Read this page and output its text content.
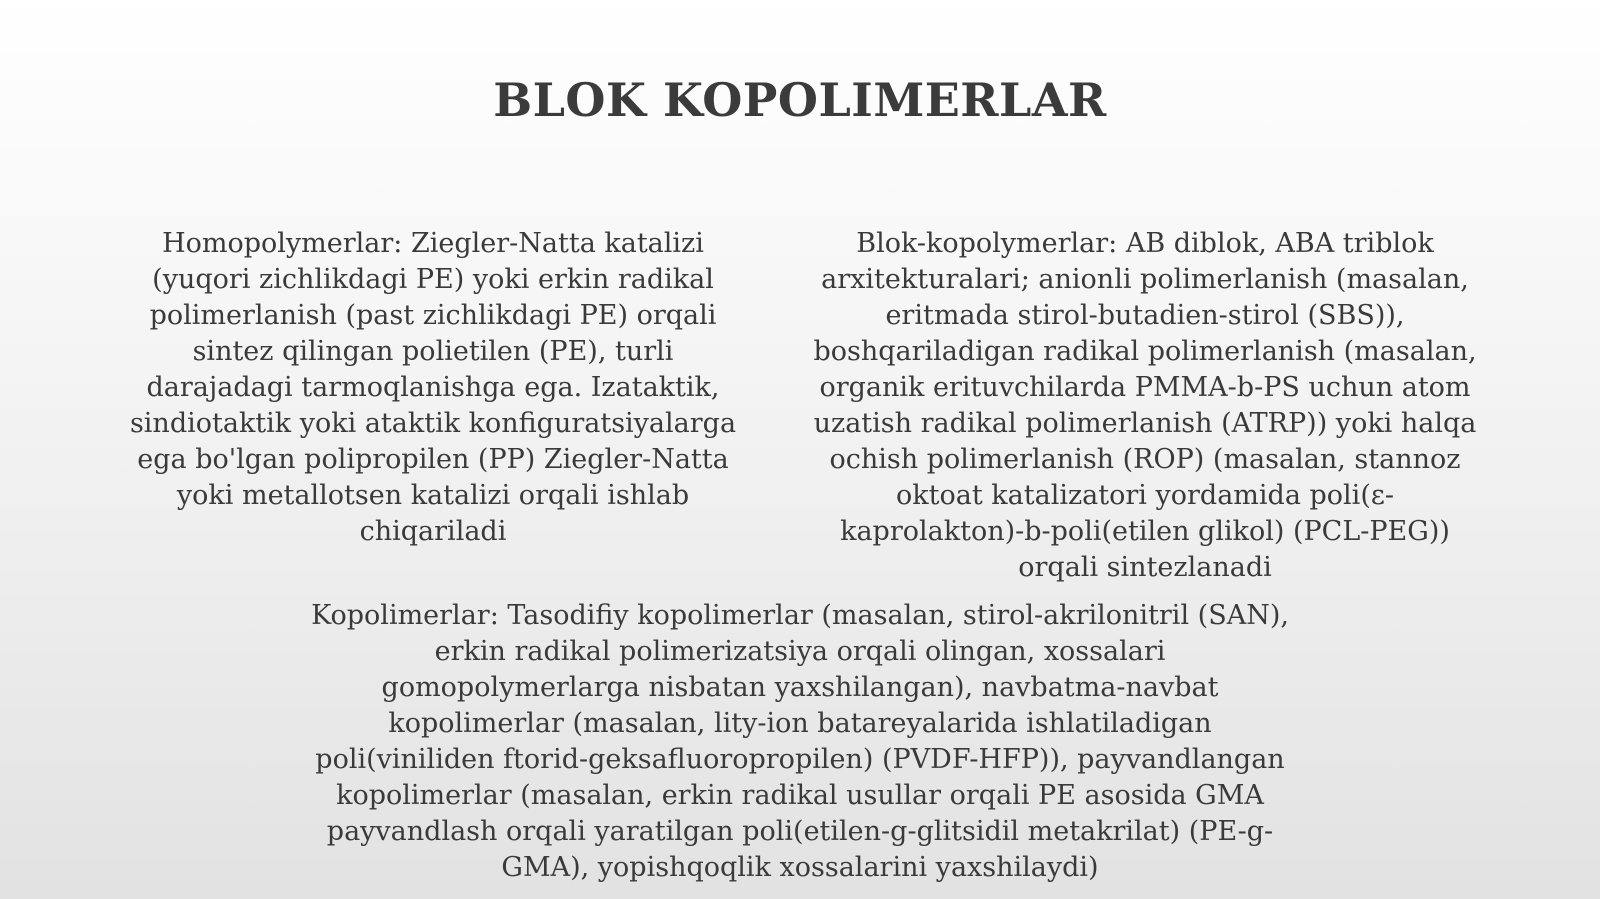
BLOK KOPOLIMERLAR

Homopolymerlar: Ziegler-Natta katalizi
(yuqori zichlikdagi PE) yoki erkin radikal
polimerlanish (past zichlikdagi PE) orqali
sintez qilingan polietilen (PE), turli
darajadagi tarmoqlanishga ega. Izataktik,
sindiotaktik yoki ataktik konfiguratsiyalarga
ega bo'lgan polipropilen (PP) Ziegler-Natta
yoki metallotsen katalizi orqali ishlab
chiqariladi

Blok-kopolymerlar: AB diblok, ABA triblok
arxitekturalari; anionli polimerlanish (masalan,
eritmada stirol-butadien-stirol (SBS)),
boshqariladigan radikal polimerlanish (masalan,
organik erituvchilarda PMMA-b-PS uchun atom
uzatish radikal polimerlanish (ATRP)) yoki halqa
ochish polimerlanish (ROP) (masalan, stannoz
oktoat katalizatori yordamida poli(ε-
kaprolakton)-b-poli(etilen glikol) (PCL-PEG))
orqali sintezlanadi

Kopolimerlar: Tasodifiy kopolimerlar (masalan, stirol-akrilonitril (SAN),
erkin radikal polimerizatsiya orqali olingan, xossalari
gomopolymerlarga nisbatan yaxshilangan), navbatma-navbat
kopolimerlar (masalan, lity-ion batareyalarida ishlatiladigan
poli(viniliden ftorid-geksafluoropropilen) (PVDF-HFP)), payvandlangan
kopolimerlar (masalan, erkin radikal usullar orqali PE asosida GMA
payvandlash orqali yaratilgan poli(etilen-g-glitsidil metakrilat) (PE-g-
GMA), yopishqoqlik xossalarini yaxshilaydi)
